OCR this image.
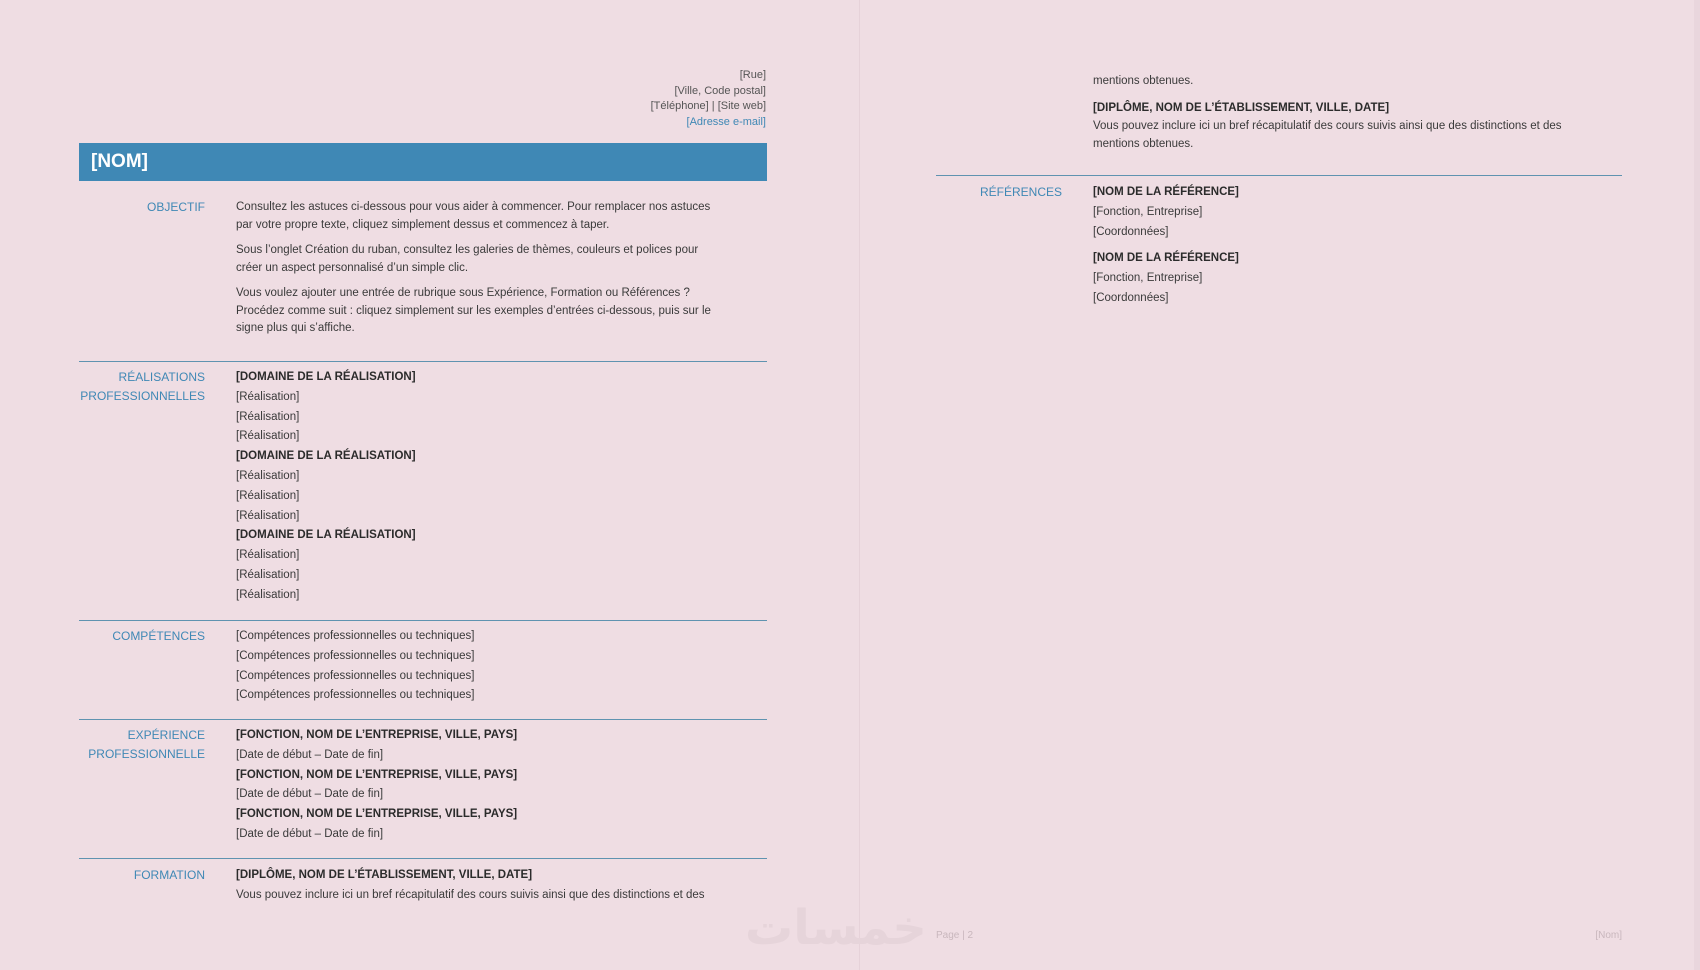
[Rue]
[Ville, Code postal]
[Téléphone] | [Site web]
[Adresse e-mail]
[NOM]
OBJECTIF	Consultez les astuces ci-dessous pour vous aider à commencer. Pour remplacer nos astuces
par votre propre texte, cliquez simplement dessus et commencez à taper.

Sous l’onglet Création du ruban, consultez les galeries de thèmes, couleurs et polices pour
créer un aspect personnalisé d’un simple clic.

Vous voulez ajouter une entrée de rubrique sous Expérience, Formation ou Références ?
Procédez comme suit : cliquez simplement sur les exemples d’entrées ci-dessous, puis sur le
signe plus qui s’affiche.

RÉALISATIONS
PROFESSIONNELLES
[DOMAINE DE LA RÉALISATION]
[Réalisation]
[Réalisation]
[Réalisation]
[DOMAINE DE LA RÉALISATION]
[Réalisation]
[Réalisation]
[Réalisation]
[DOMAINE DE LA RÉALISATION]
[Réalisation]
[Réalisation]
[Réalisation]
COMPÉTENCES	[Compétences professionnelles ou techniques]
[Compétences professionnelles ou techniques]
[Compétences professionnelles ou techniques]
[Compétences professionnelles ou techniques]
EXPÉRIENCE
PROFESSIONNELLE
[FONCTION, NOM DE L’ENTREPRISE, VILLE, PAYS]
[Date de début – Date de fin]
[FONCTION, NOM DE L’ENTREPRISE, VILLE, PAYS]
[Date de début – Date de fin]
[FONCTION, NOM DE L’ENTREPRISE, VILLE, PAYS]
[Date de début – Date de fin]
FORMATION	[DIPLÔME, NOM DE L’ÉTABLISSEMENT, VILLE, DATE]
Vous pouvez inclure ici un bref récapitulatif des cours suivis ainsi que des distinctions et des
mentions obtenues.
[DIPLÔME, NOM DE L’ÉTABLISSEMENT, VILLE, DATE]
Vous pouvez inclure ici un bref récapitulatif des cours suivis ainsi que des distinctions et des
mentions obtenues.
RÉFÉRENCES	[NOM DE LA RÉFÉRENCE]
[Fonction, Entreprise]
[Coordonnées]
[NOM DE LA RÉFÉRENCE]
[Fonction, Entreprise]
[Coordonnées]
Page | 2	[Nom]
خمسات
